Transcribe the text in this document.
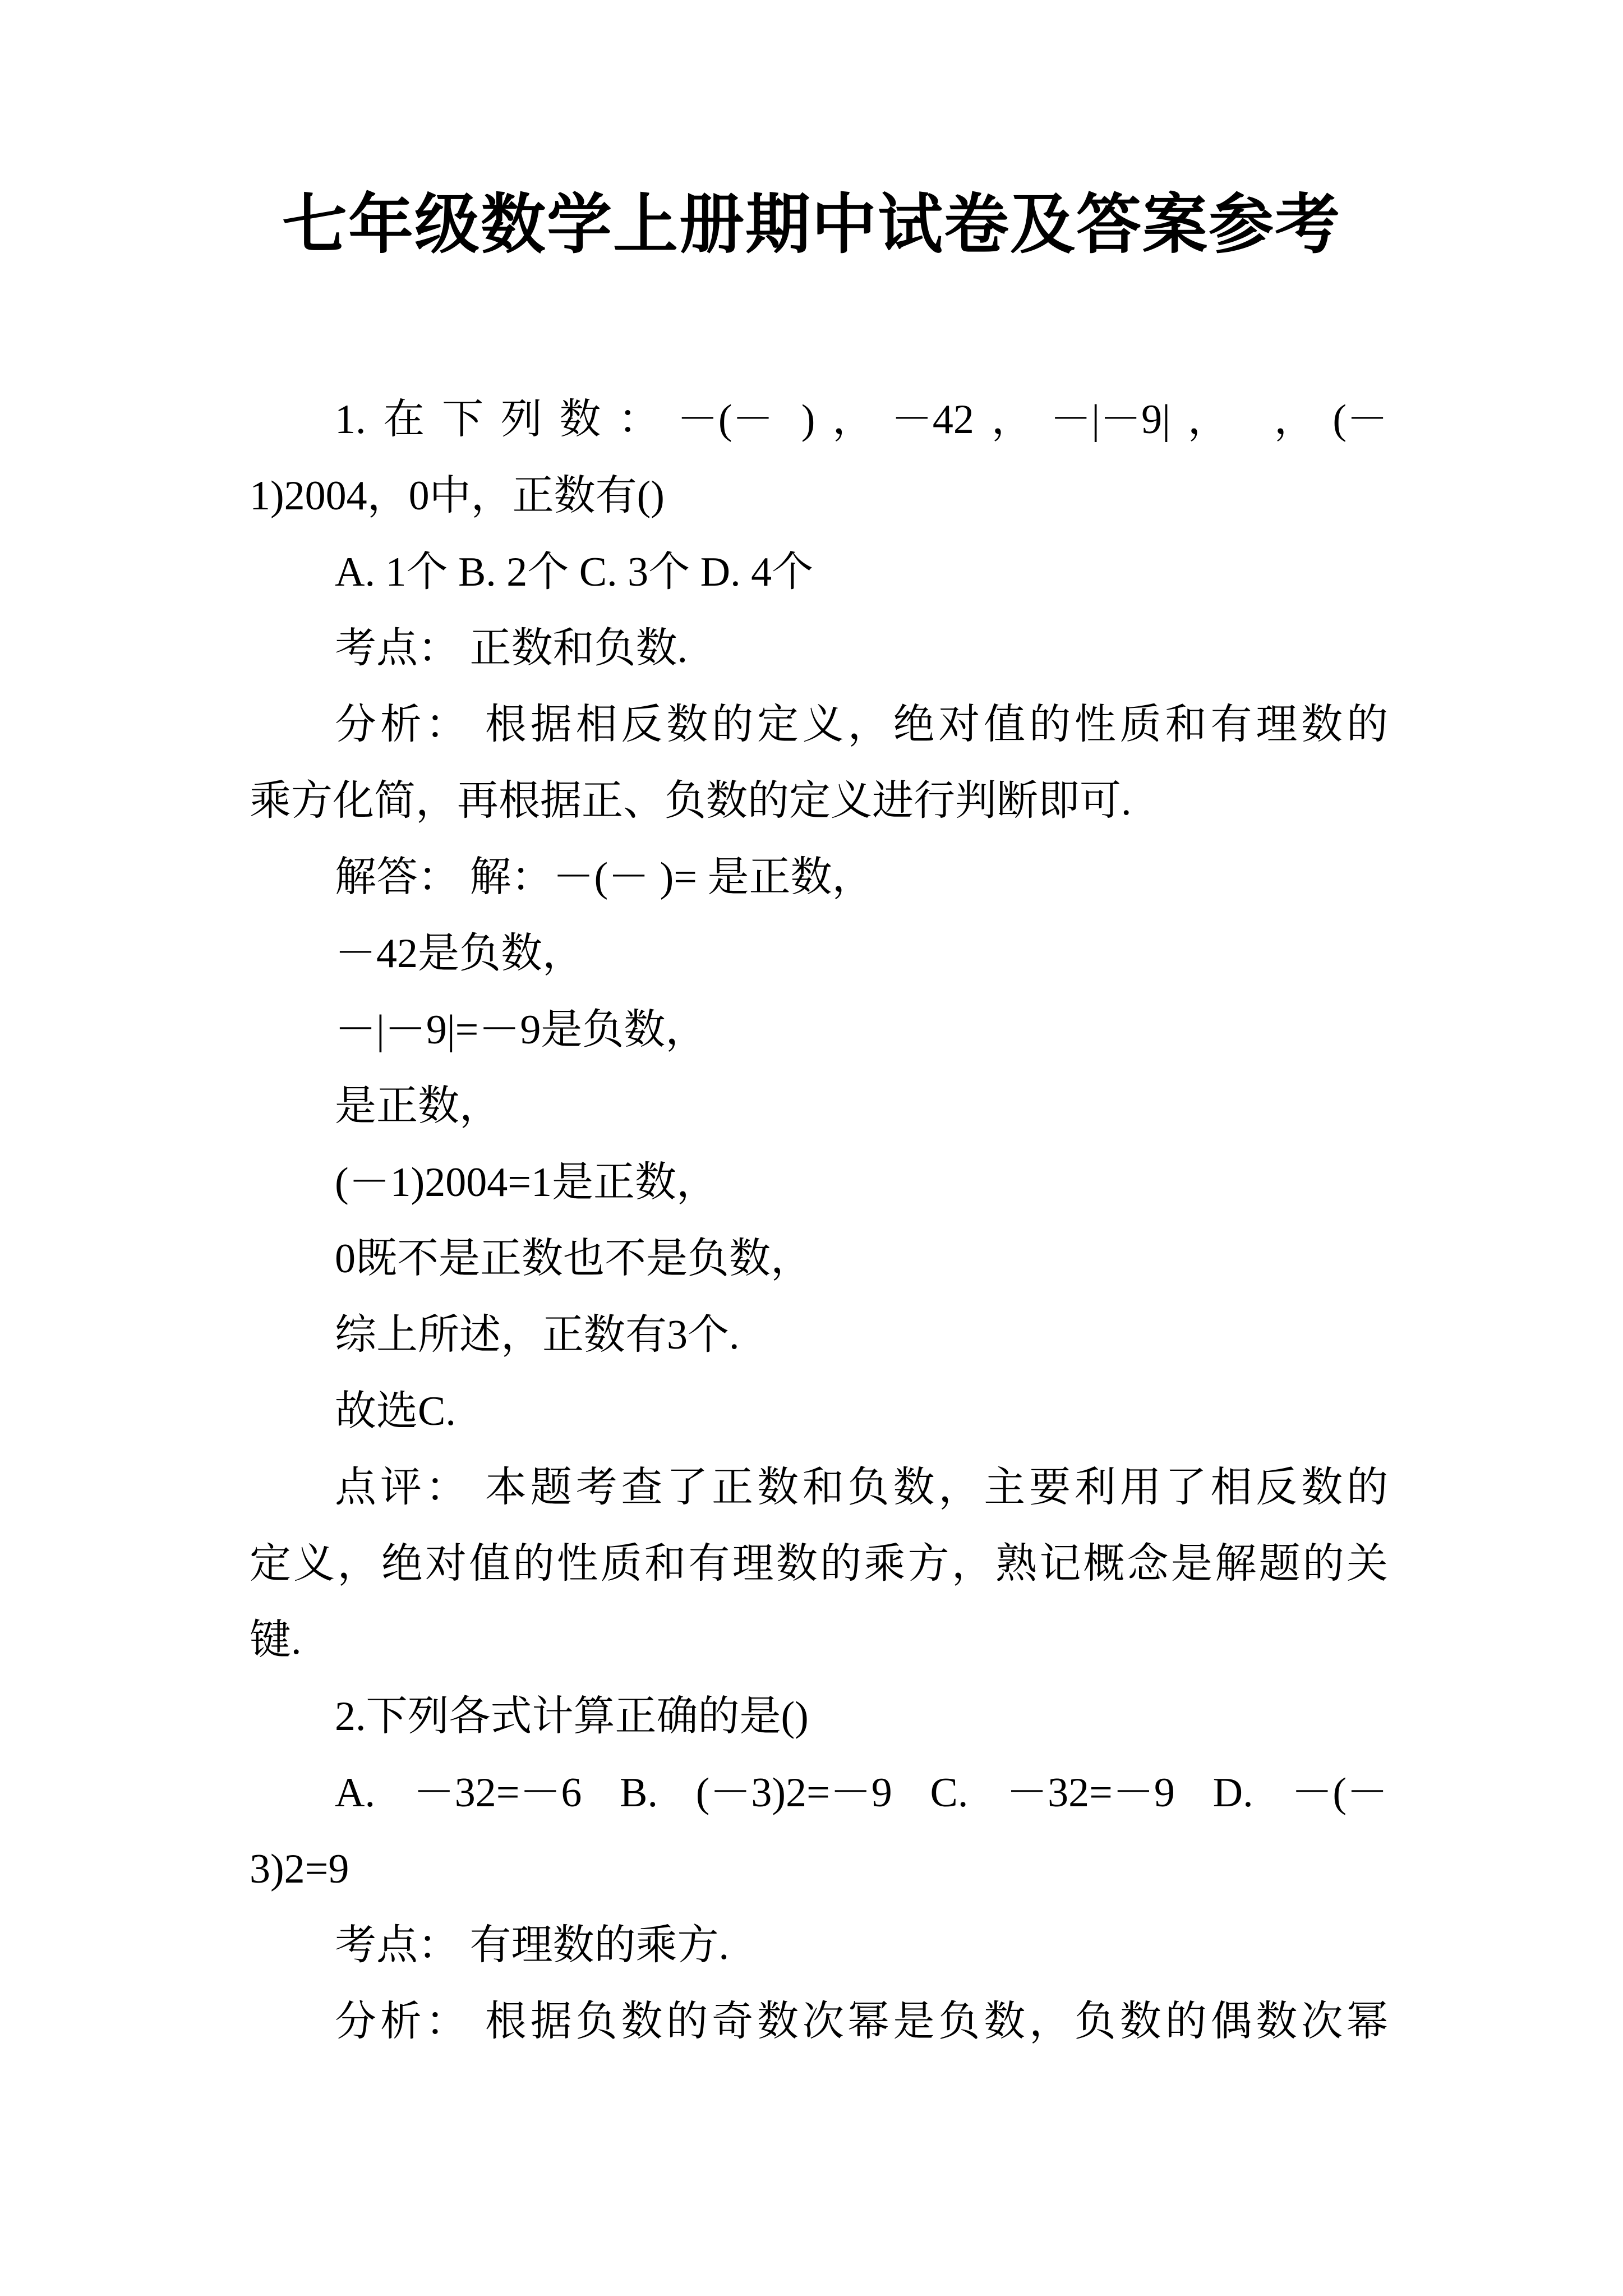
七年级数学上册期中试卷及答案参考

1.在下列数：－(－ )，－42，－|－9|， ，(－
1)2004，0中，正数有()

A. 1个 B. 2个 C. 3个 D. 4个

考点： 正数和负数.

分析： 根据相反数的定义，绝对值的性质和有理数的
乘方化简，再根据正、负数的定义进行判断即可.

解答： 解：－(－ )= 是正数，

－42是负数，

－|－9|=－9是负数，

是正数，

(－1)2004=1是正数，

0既不是正数也不是负数，

综上所述，正数有3个.

故选C.

点评： 本题考查了正数和负数，主要利用了相反数的
定义，绝对值的性质和有理数的乘方，熟记概念是解题的关
键.

2.下列各式计算正确的是()

A. －32=－6 B. (－3)2=－9 C. －32=－9 D. －(－
3)2=9

考点： 有理数的乘方.

分析： 根据负数的奇数次幂是负数，负数的偶数次幂
